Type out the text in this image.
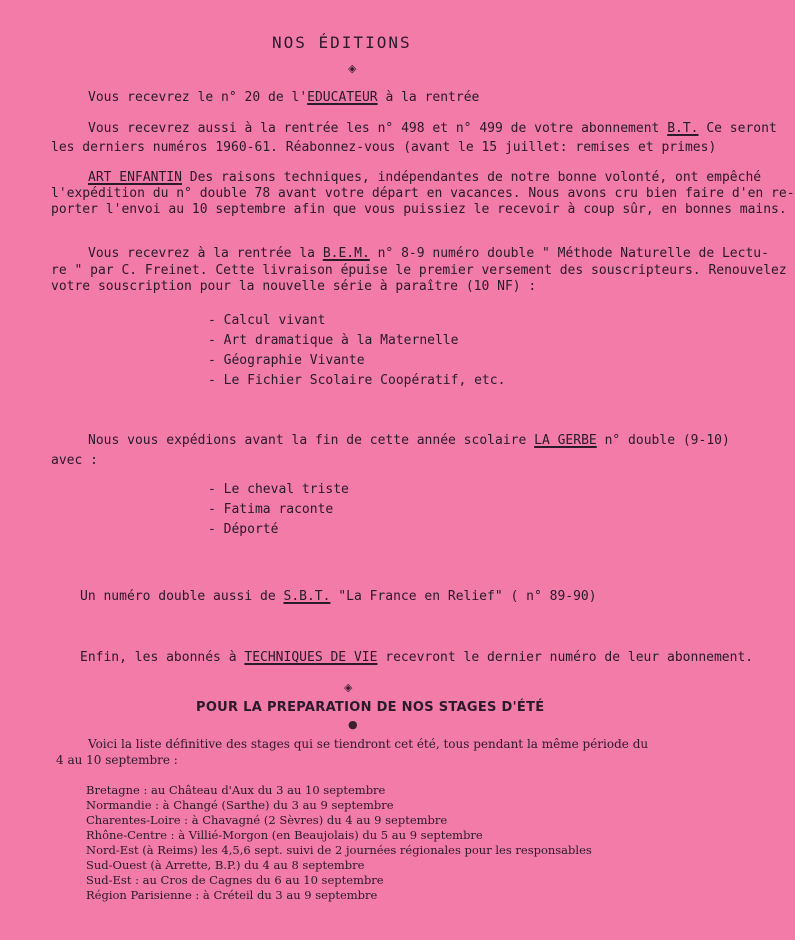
NOS ÉDITIONS
◈
Vous recevrez le n° 20 de l'EDUCATEUR à la rentrée
Vous recevrez aussi à la rentrée les n° 498 et n° 499 de votre abonnement B.T. Ce seront
les derniers numéros 1960-61. Réabonnez-vous (avant le 15 juillet: remises et primes)
ART ENFANTIN Des raisons techniques, indépendantes de notre bonne volonté, ont empêché
l'expédition du n° double 78 avant votre départ en vacances. Nous avons cru bien faire d'en re-
porter l'envoi au 10 septembre afin que vous puissiez le recevoir à coup sûr, en bonnes mains.
Vous recevrez à la rentrée la B.E.M. n° 8-9 numéro double " Méthode Naturelle de Lectu-
re " par C. Freinet. Cette livraison épuise le premier versement des souscripteurs. Renouvelez
votre souscription pour la nouvelle série à paraître (10 NF) :
- Calcul vivant
- Art dramatique à la Maternelle
- Géographie Vivante
- Le Fichier Scolaire Coopératif, etc.
Nous vous expédions avant la fin de cette année scolaire LA GERBE n° double (9-10)
avec :
- Le cheval triste
- Fatima raconte
- Déporté
Un numéro double aussi de S.B.T. "La France en Relief" ( n° 89-90)
Enfin, les abonnés à TECHNIQUES DE VIE recevront le dernier numéro de leur abonnement.
◈
POUR LA PREPARATION DE NOS STAGES D'ÉTÉ
●
Voici la liste définitive des stages qui se tiendront cet été, tous pendant la même période du
4 au 10 septembre :
Bretagne : au Château d'Aux du 3 au 10 septembre
Normandie : à Changé (Sarthe) du 3 au 9 septembre
Charentes-Loire : à Chavagné (2 Sèvres) du 4 au 9 septembre
Rhône-Centre : à Villié-Morgon (en Beaujolais) du 5 au 9 septembre
Nord-Est (à Reims) les 4,5,6 sept. suivi de 2 journées régionales pour les responsables
Sud-Ouest (à Arrette, B.P.) du 4 au 8 septembre
Sud-Est : au Cros de Cagnes du 6 au 10 septembre
Région Parisienne : à Créteil du 3 au 9 septembre
